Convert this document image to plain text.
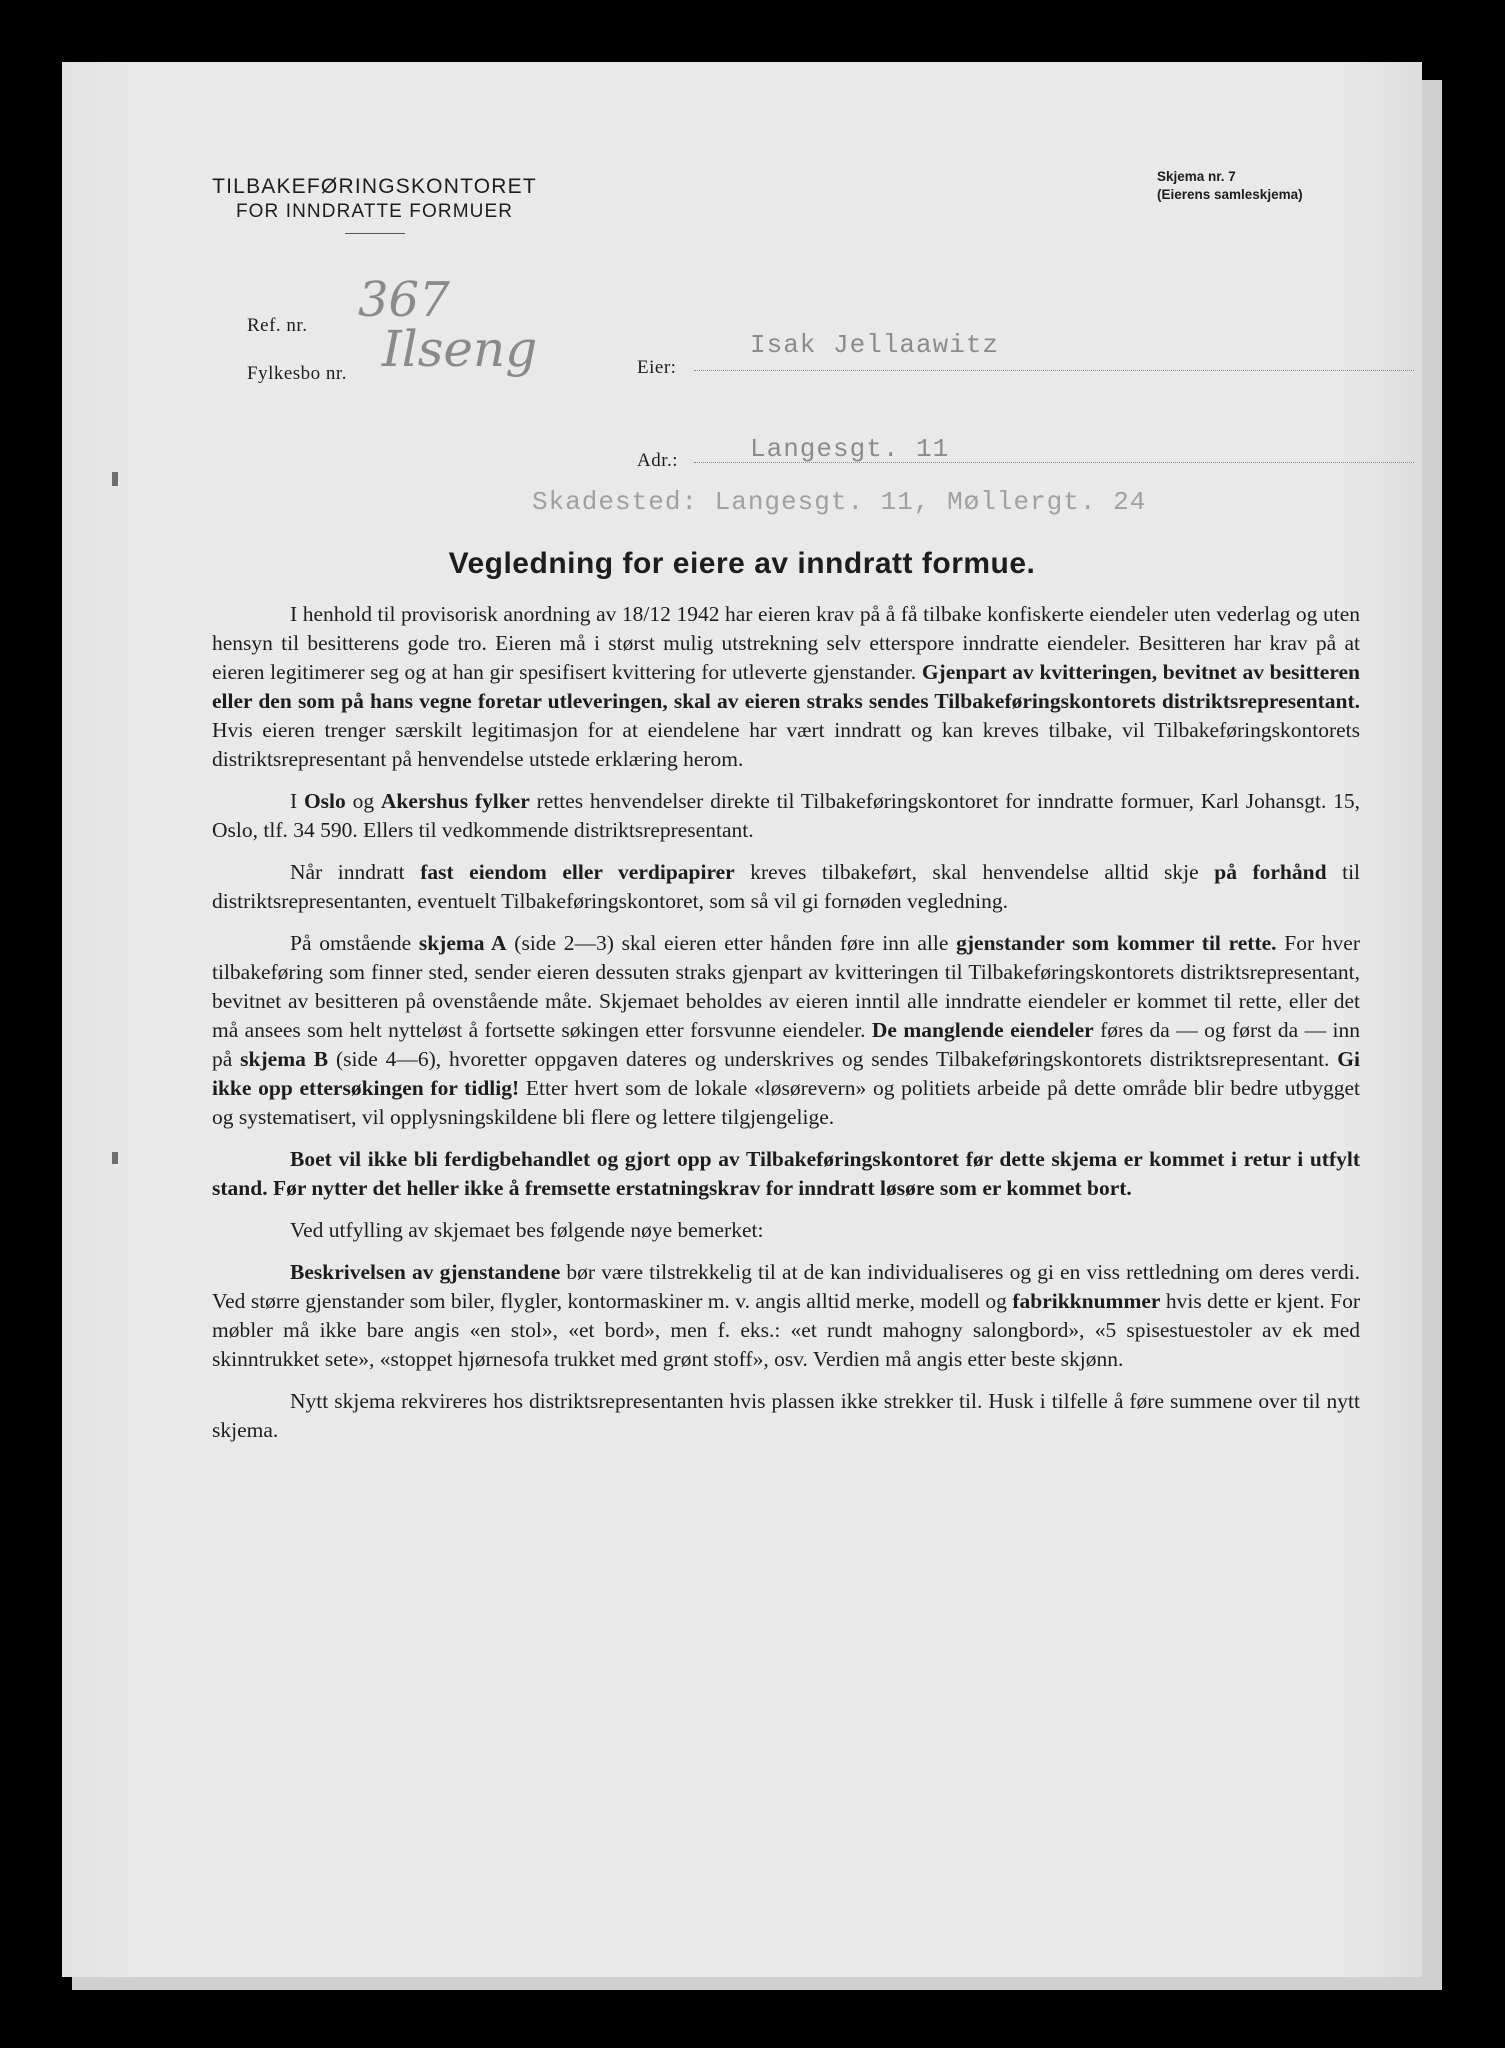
TILBAKEFØRINGSKONTORET
FOR INNDRATTE FORMUER
Skjema nr. 7
(Eierens samleskjema)
Ref. nr. 367
Fylkesbo nr. Ilseng	Eier:
Isak Jellaawitz
Adr.:	Langesgt. 11
Skadested: Langesgt. 11, Møllergt. 24
Vegledning for eiere av inndratt formue.

I henhold til provisorisk anordning av 18/12 1942 har eieren krav på å få tilbake konfiskerte eiendeler uten vederlag og uten hensyn til besitterens gode tro. Eieren må i størst mulig utstrekning selv etterspore inndratte eiendeler. Besitteren har krav på at eieren legitimerer seg og at han gir spesifisert kvittering for utleverte gjenstander. Gjenpart av kvitteringen, bevitnet av besitteren eller den som på hans vegne foretar utleveringen, skal av eieren straks sendes Tilbakeføringskontorets distriktsrepresentant. Hvis eieren trenger særskilt legitimasjon for at eiendelene har vært inndratt og kan kreves tilbake, vil Tilbakeføringskontorets distriktsrepresentant på henvendelse utstede erklæring herom.

I Oslo og Akershus fylker rettes henvendelser direkte til Tilbakeføringskontoret for inndratte formuer, Karl Johansgt. 15, Oslo, tlf. 34 590. Ellers til vedkommende distriktsrepresentant.

Når inndratt fast eiendom eller verdipapirer kreves tilbakeført, skal henvendelse alltid skje på forhånd til distriktsrepresentanten, eventuelt Tilbakeføringskontoret, som så vil gi fornøden vegledning.

På omstående skjema A (side 2—3) skal eieren etter hånden føre inn alle gjenstander som kommer til rette. For hver tilbakeføring som finner sted, sender eieren dessuten straks gjenpart av kvitteringen til Tilbakeføringskontorets distriktsrepresentant, bevitnet av besitteren på ovenstående måte. Skjemaet beholdes av eieren inntil alle inndratte eiendeler er kommet til rette, eller det må ansees som helt nytteløst å fortsette søkingen etter forsvunne eiendeler. De manglende eiendeler føres da — og først da — inn på skjema B (side 4—6), hvoretter oppgaven dateres og underskrives og sendes Tilbakeføringskontorets distriktsrepresentant. Gi ikke opp ettersøkingen for tidlig! Etter hvert som de lokale «løsørevern» og politiets arbeide på dette område blir bedre utbygget og systematisert, vil opplysningskildene bli flere og lettere tilgjengelige.

Boet vil ikke bli ferdigbehandlet og gjort opp av Tilbakeføringskontoret før dette skjema er kommet i retur i utfylt stand. Før nytter det heller ikke å fremsette erstatningskrav for inndratt løsøre som er kommet bort.

Ved utfylling av skjemaet bes følgende nøye bemerket:

Beskrivelsen av gjenstandene bør være tilstrekkelig til at de kan individualiseres og gi en viss rettledning om deres verdi. Ved større gjenstander som biler, flygler, kontormaskiner m. v. angis alltid merke, modell og fabrikknummer hvis dette er kjent. For møbler må ikke bare angis «en stol», «et bord», men f. eks.: «et rundt mahogny salongbord», «5 spisestuestoler av ek med skinntrukket sete», «stoppet hjørnesofa trukket med grønt stoff», osv. Verdien må angis etter beste skjønn.

Nytt skjema rekvireres hos distriktsrepresentanten hvis plassen ikke strekker til. Husk i tilfelle å føre summene over til nytt skjema.
